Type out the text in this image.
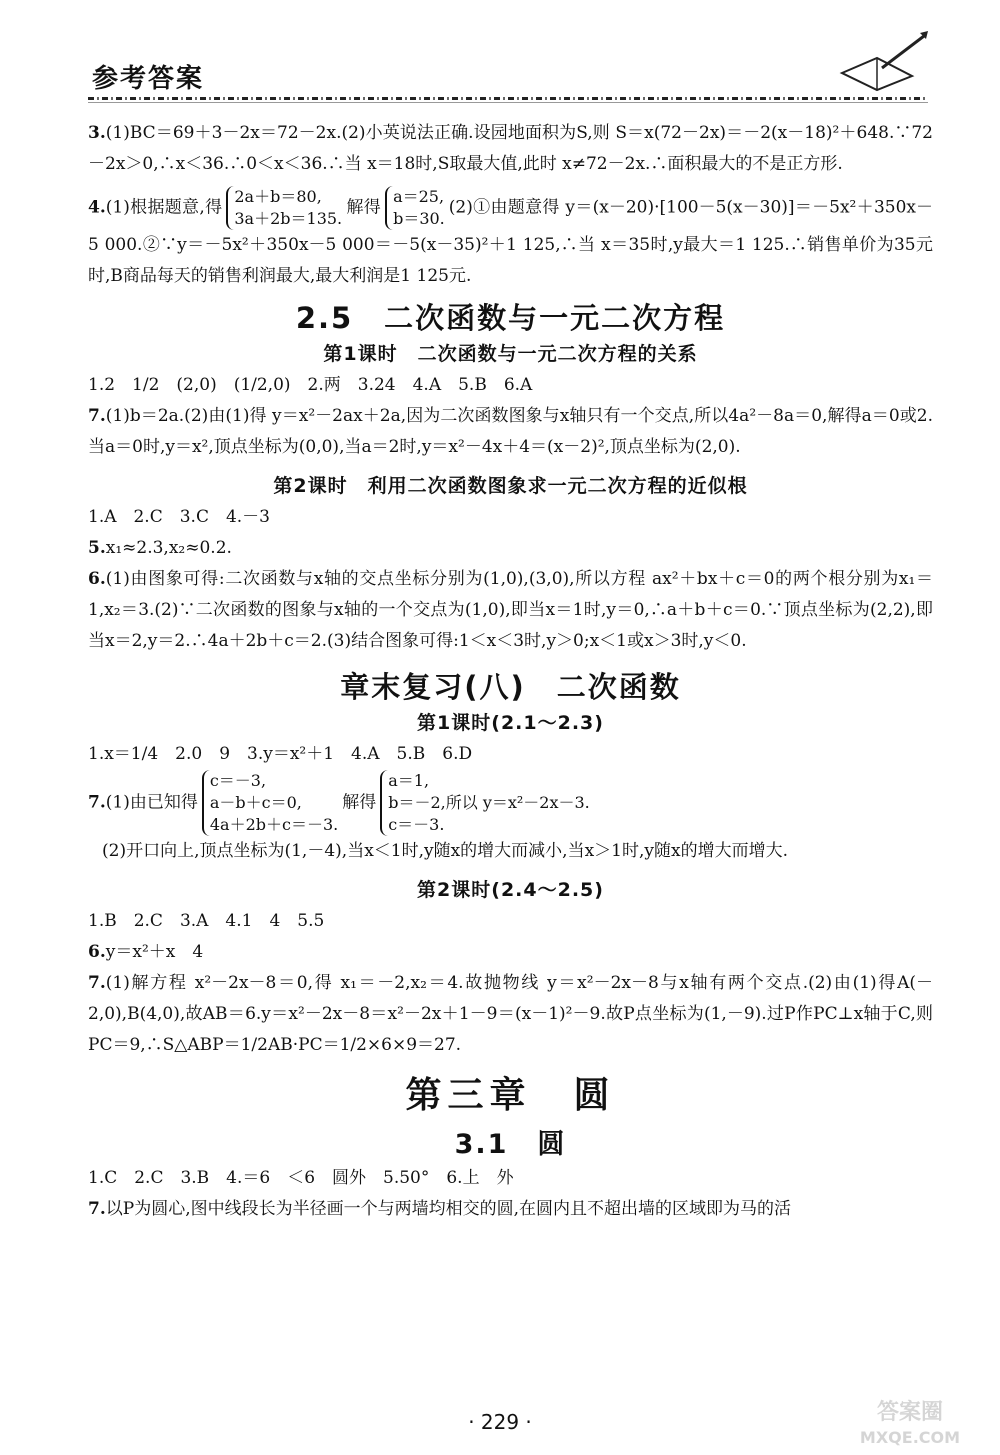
参考答案

3.(1)BC＝69＋3－2x＝72－2x.(2)小英说法正确.设园地面积为S,则 S＝x(72－2x)＝－2(x－18)²＋648.∵72－2x＞0,∴x＜36.∴0＜x＜36.∴当 x＝18时,S取最大值,此时 x≠72－2x.∴面积最大的不是正方形.

4.(1)根据题意,得2a＋b＝80,
3a＋2b＝135.解得a＝25,
b＝30.(2)①由题意得 y＝(x－20)·[100－5(x－30)]＝－5x²＋350x－5 000.②∵y＝－5x²＋350x－5 000＝－5(x－35)²＋1 125,∴当 x＝35时,y最大＝1 125.∴销售单价为35元时,B商品每天的销售利润最大,最大利润是1 125元.

2.5　二次函数与一元二次方程
第1课时　二次函数与一元二次方程的关系

1.2　1/2　(2,0)　(1/2,0)　2.两　3.24　4.A　5.B　6.A

7.(1)b＝2a.(2)由(1)得 y＝x²－2ax＋2a,因为二次函数图象与x轴只有一个交点,所以4a²－8a＝0,解得a＝0或2.当a＝0时,y＝x²,顶点坐标为(0,0),当a＝2时,y＝x²－4x＋4＝(x－2)²,顶点坐标为(2,0).

第2课时　利用二次函数图象求一元二次方程的近似根

1.A　2.C　3.C　4.－3

5.x₁≈2.3,x₂≈0.2.

6.(1)由图象可得:二次函数与x轴的交点坐标分别为(1,0),(3,0),所以方程 ax²＋bx＋c＝0的两个根分别为x₁＝1,x₂＝3.(2)∵二次函数的图象与x轴的一个交点为(1,0),即当x＝1时,y＝0,∴a＋b＋c＝0.∵顶点坐标为(2,2),即当x＝2,y＝2.∴4a＋2b＋c＝2.(3)结合图象可得:1＜x＜3时,y＞0;x＜1或x＞3时,y＜0.

章末复习(八)　二次函数
第1课时(2.1～2.3)

1.x＝1/4　2.0　9　3.y＝x²＋1　4.A　5.B　6.D

7.(1)由已知得c＝－3,
a－b＋c＝0,
4a＋2b＋c＝－3.解得a＝1,
b＝－2,所以 y＝x²－2x－3.
c＝－3.

(2)开口向上,顶点坐标为(1,－4),当x＜1时,y随x的增大而减小,当x＞1时,y随x的增大而增大.

第2课时(2.4～2.5)

1.B　2.C　3.A　4.1　4　5.5

6.y＝x²＋x　4

7.(1)解方程 x²－2x－8＝0,得 x₁＝－2,x₂＝4.故抛物线 y＝x²－2x－8与x轴有两个交点.(2)由(1)得A(－2,0),B(4,0),故AB＝6.y＝x²－2x－8＝x²－2x＋1－9＝(x－1)²－9.故P点坐标为(1,－9).过P作PC⊥x轴于C,则PC＝9,∴S△ABP＝1/2AB·PC＝1/2×6×9＝27.

第三章　圆
3.1　圆

1.C　2.C　3.B　4.＝6　＜6　圆外　5.50°　6.上　外

7.以P为圆心,图中线段长为半径画一个与两墙均相交的圆,在圆内且不超出墙的区域即为马的活

· 229 ·	答案圈
MXQE.COM
